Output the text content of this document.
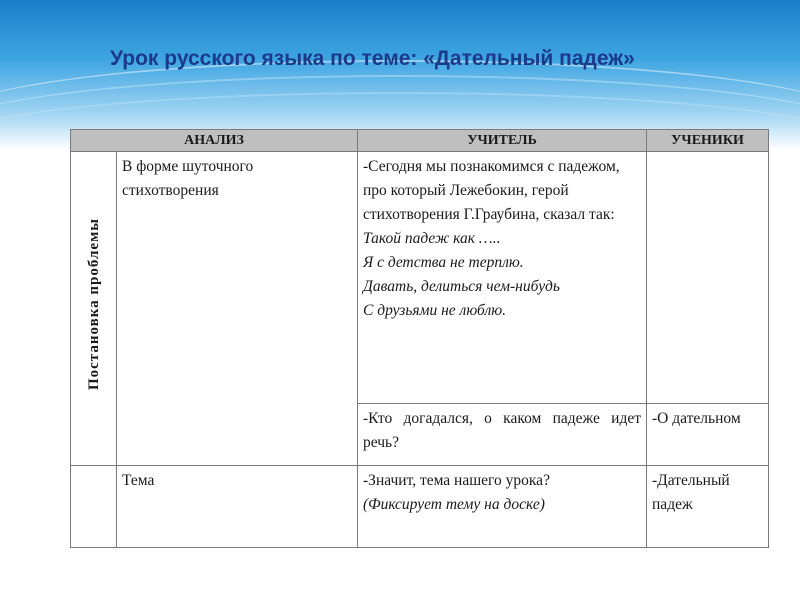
Урок русского языка по теме: «Дательный падеж»
АНАЛИЗ		УЧИТЕЛЬ	УЧЕНИКИ
Постановка проблемы	В форме шуточного стихотворения	-Сегодня мы познакомимся с падежом, про который Лежебокин, герой стихотворения Г.Граубина, сказал так:
Такой падеж как …..
Я с детства не терплю.
Давать, делиться чем-нибудь
С друзьями не люблю.	

		-Кто догадался, о каком падеже идет речь?	-О дательном
	Тема	-Значит, тема нашего урока?
(Фиксирует тему на доске)	-Дательный падеж
